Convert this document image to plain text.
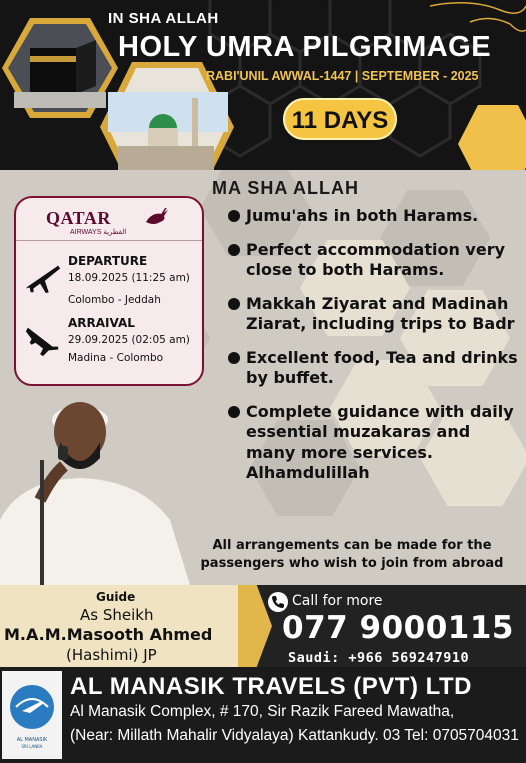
IN SHA ALLAH
HOLY UMRA PILGRIMAGE
RABI'UNIL AWWAL-1447 | SEPTEMBER - 2025
11 DAYS
MA SHA ALLAH
Jumu'ahs in both Harams.
Perfect accommodation very close to both Harams.
Makkah Ziyarat and Madinah Ziarat, including trips to Badr
Excellent food, Tea and drinks by buffet.
Complete guidance with daily essential muzakaras and many more services. Alhamdulillah
All arrangements can be made for the passengers who wish to join from abroad
QATAR
AIRWAYS القطرية
DEPARTURE
18.09.2025 (11:25 am)
Colombo - Jeddah
ARRAIVAL
29.09.2025 (02:05 am)
Madina - Colombo
Guide
As Sheikh
M.A.M.Masooth Ahmed
(Hashimi) JP
Call for more
077 9000115
Saudi: +966 569247910
AL MANASIK
SRI LANKA
AL MANASIK TRAVELS (PVT) LTD
Al Manasik Complex, # 170, Sir Razik Fareed Mawatha,
(Near: Millath Mahalir Vidyalaya) Kattankudy. 03 Tel: 0705704031
